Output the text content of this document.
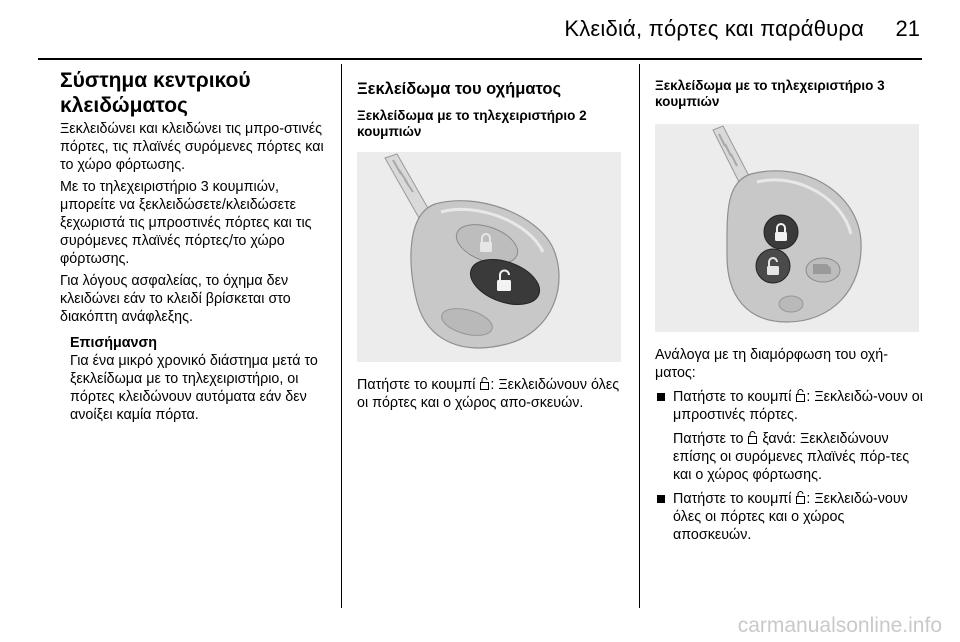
Κλειδιά, πόρτες και παράθυρα 21
Σύστημα κεντρικού κλειδώματος

Ξεκλειδώνει και κλειδώνει τις μπρο-στινές πόρτες, τις πλαϊνές συρόμενες πόρτες και το χώρο φόρτωσης.

Με το τηλεχειριστήριο 3 κουμπιών, μπορείτε να ξεκλειδώσετε/κλειδώσετε ξεχωριστά τις μπροστινές πόρτες και τις συρόμενες πλαϊνές πόρτες/το χώρο φόρτωσης.

Για λόγους ασφαλείας, το όχημα δεν κλειδώνει εάν το κλειδί βρίσκεται στο διακόπτη ανάφλεξης.

Επισήμανση
Για ένα μικρό χρονικό διάστημα μετά το ξεκλείδωμα με το τηλεχειριστήριο, οι πόρτες κλειδώνουν αυτόματα εάν δεν ανοίξει καμία πόρτα.
Ξεκλείδωμα του οχήματος
Ξεκλείδωμα με το τηλεχειριστήριο 2 κουμπιών

Πατήστε το κουμπί : Ξεκλειδώνουν όλες οι πόρτες και ο χώρος απο-σκευών.

Ξεκλείδωμα με το τηλεχειριστήριο 3 κουμπιών

Ανάλογα με τη διαμόρφωση του οχή-ματος:

Πατήστε το κουμπί : Ξεκλειδώ-νουν οι μπροστινές πόρτες.
Πατήστε το  ξανά: Ξεκλειδώνουν επίσης οι συρόμενες πλαϊνές πόρ-τες και ο χώρος φόρτωσης.
Πατήστε το κουμπί : Ξεκλειδώ-νουν όλες οι πόρτες και ο χώρος αποσκευών.
carmanualsonline.info
